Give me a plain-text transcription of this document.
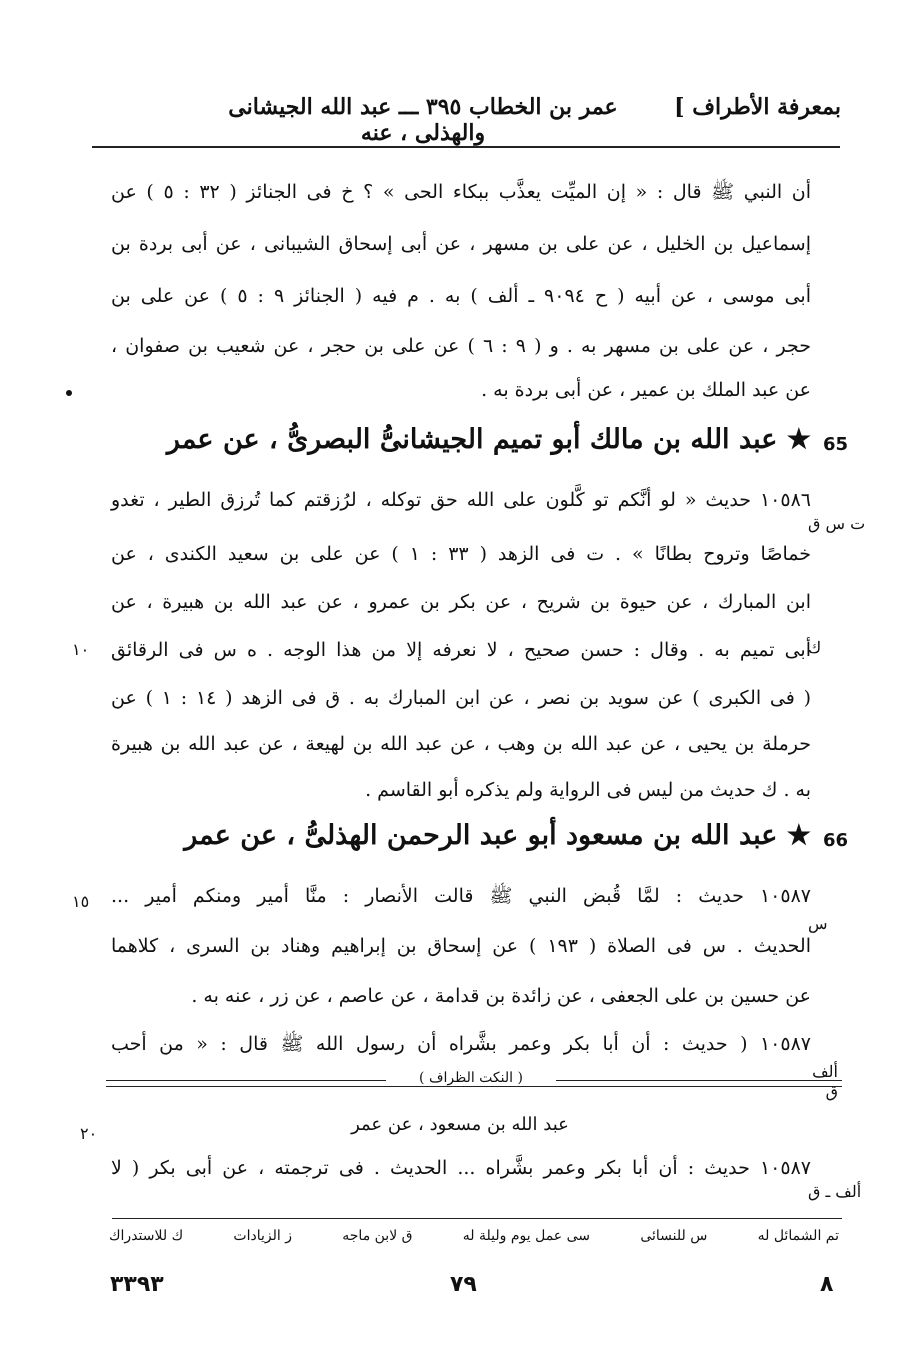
بمعرفة الأطراف ]
عمر بن الخطاب ٣٩٥ ـــ عبد الله الجيشانى والهذلى ، عنه
أن النبي ﷺ قال : « إن الميِّت يعذَّب ببكاء الحى » ؟ خ فى الجنائز ( ٣٢ : ٥ ) عن
إسماعيل بن الخليل ، عن على بن مسهر ، عن أبى إسحاق الشيبانى ، عن أبى بردة بن
أبى موسى ، عن أبيه ( ح ٩٠٩٤ ـ ألف ) به . م فيه ( الجنائز ٩ : ٥ ) عن على بن
حجر ، عن على بن مسهر به . و ( ٩ : ٦ ) عن على بن حجر ، عن شعيب بن صفوان ،
عن عبد الملك بن عمير ، عن أبى بردة به .
65
★ عبد الله بن مالك أبو تميم الجيشانىُّ البصرىُّ ، عن عمر
١٠٥٨٦ حديث « لو أنَّكم تو كَّلون على الله حق توكله ، لرُزقتم كما تُرزق الطير ، تغدو
ت س ق
خماصًا وتروح بطانًا » . ت فى الزهد ( ٣٣ : ١ ) عن على بن سعيد الكندى ، عن
ابن المبارك ، عن حيوة بن شريح ، عن بكر بن عمرو ، عن عبد الله بن هبيرة ، عن
ك
أبى تميم به . وقال : حسن صحيح ، لا نعرفه إلا من هذا الوجه . ه س فى الرقائق
١٠
( فى الكبرى ) عن سويد بن نصر ، عن ابن المبارك به . ق فى الزهد ( ١٤ : ١ ) عن
حرملة بن يحيى ، عن عبد الله بن وهب ، عن عبد الله بن لهيعة ، عن عبد الله بن هبيرة
به . ك حديث من ليس فى الرواية ولم يذكره أبو القاسم .
66
★ عبد الله بن مسعود أبو عبد الرحمن الهذلىُّ ، عن عمر
١٠٥٨٧ حديث : لمَّا قُبض النبي ﷺ قالت الأنصار : منَّا أمير ومنكم أمير ...
١٥
س
الحديث . س فى الصلاة ( ١٩٣ ) عن إسحاق بن إبراهيم وهناد بن السرى ، كلاهما
عن حسين بن على الجعفى ، عن زائدة بن قدامة ، عن عاصم ، عن زر ، عنه به .
١٠٥٨٧ ( حديث : أن أبا بكر وعمر بشَّراه أن رسول الله ﷺ قال : « من أحب
ألف ق
( النكت الظراف )
عبد الله بن مسعود ، عن عمر
٢٠
١٠٥٨٧ حديث : أن أبا بكر وعمر بشَّراه ... الحديث . فى ترجمته ، عن أبى بكر ( لا
ألف ـ ق
تم الشمائل له
س للنسائى
سى عمل يوم وليلة له
ق لابن ماجه
ز الزيادات
ك للاستدراك
٨
٧٩
٣٣٩٣
